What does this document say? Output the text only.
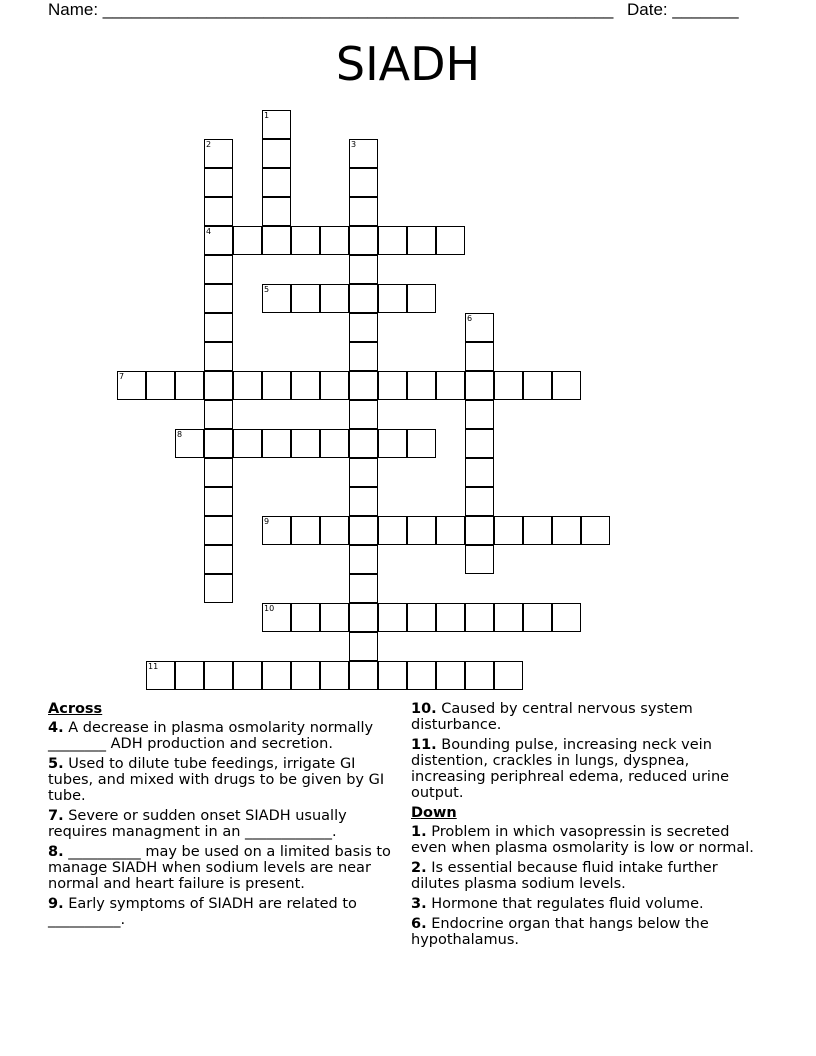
Name: ______________________________________________________ Date: _______
SIADH
1
2
4
3
5
6
7
8
9
10
11
Across
4. A decrease in plasma osmolarity normally ________ ADH production and secretion.
5. Used to dilute tube feedings, irrigate GI tubes, and mixed with drugs to be given by GI tube.
7. Severe or sudden onset SIADH usually requires managment in an ____________.
8. __________ may be used on a limited basis to manage SIADH when sodium levels are near normal and heart failure is present.
9. Early symptoms of SIADH are related to __________.
10. Caused by central nervous system disturbance.
11. Bounding pulse, increasing neck vein distention, crackles in lungs, dyspnea, increasing periphreal edema, reduced urine output.
Down
1. Problem in which vasopressin is secreted even when plasma osmolarity is low or normal.
2. Is essential because fluid intake further dilutes plasma sodium levels.
3. Hormone that regulates fluid volume.
6. Endocrine organ that hangs below the hypothalamus.
